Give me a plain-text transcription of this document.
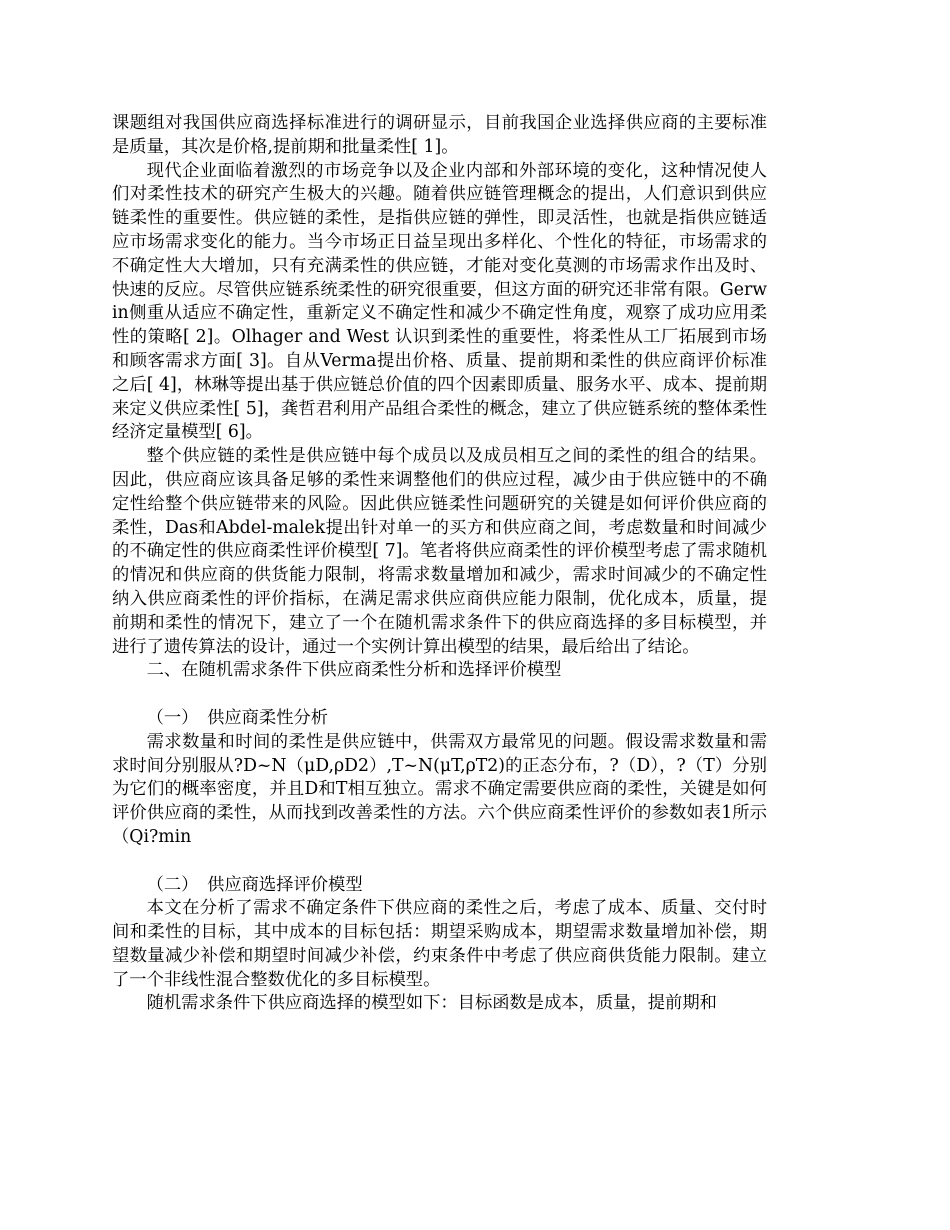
课题组对我国供应商选择标准进行的调研显示，目前我国企业选择供应商的主要标准是质量，其次是价格,提前期和批量柔性[ 1]。

现代企业面临着激烈的市场竞争以及企业内部和外部环境的变化，这种情况使人们对柔性技术的研究产生极大的兴趣。随着供应链管理概念的提出，人们意识到供应链柔性的重要性。供应链的柔性，是指供应链的弹性，即灵活性，也就是指供应链适应市场需求变化的能力。当今市场正日益呈现出多样化、个性化的特征，市场需求的不确定性大大增加，只有充满柔性的供应链，才能对变化莫测的市场需求作出及时、快速的反应。尽管供应链系统柔性的研究很重要，但这方面的研究还非常有限。Gerwin侧重从适应不确定性，重新定义不确定性和减少不确定性角度，观察了成功应用柔性的策略[ 2]。Olhager and West 认识到柔性的重要性，将柔性从工厂拓展到市场和顾客需求方面[ 3]。自从Verma提出价格、质量、提前期和柔性的供应商评价标准之后[ 4]，林琳等提出基于供应链总价值的四个因素即质量、服务水平、成本、提前期来定义供应柔性[ 5]，龚哲君利用产品组合柔性的概念，建立了供应链系统的整体柔性经济定量模型[ 6]。

整个供应链的柔性是供应链中每个成员以及成员相互之间的柔性的组合的结果。因此，供应商应该具备足够的柔性来调整他们的供应过程，减少由于供应链中的不确定性给整个供应链带来的风险。因此供应链柔性问题研究的关键是如何评价供应商的柔性，Das和Abdel-malek提出针对单一的买方和供应商之间，考虑数量和时间减少的不确定性的供应商柔性评价模型[ 7]。笔者将供应商柔性的评价模型考虑了需求随机的情况和供应商的供货能力限制，将需求数量增加和减少，需求时间减少的不确定性纳入供应商柔性的评价指标，在满足需求供应商供应能力限制，优化成本，质量，提前期和柔性的情况下，建立了一个在随机需求条件下的供应商选择的多目标模型，并进行了遗传算法的设计，通过一个实例计算出模型的结果，最后给出了结论。

二、在随机需求条件下供应商柔性分析和选择评价模型

（一）　供应商柔性分析

需求数量和时间的柔性是供应链中，供需双方最常见的问题。假设需求数量和需求时间分别服从?D~N（μD,ρD2）,T~N(μT,ρT2)的正态分布，?（D），?（T）分别为它们的概率密度，并且D和T相互独立。需求不确定需要供应商的柔性，关键是如何评价供应商的柔性，从而找到改善柔性的方法。六个供应商柔性评价的参数如表1所示（Qi?min

（二）　供应商选择评价模型

本文在分析了需求不确定条件下供应商的柔性之后，考虑了成本、质量、交付时间和柔性的目标，其中成本的目标包括：期望采购成本，期望需求数量增加补偿，期望数量减少补偿和期望时间减少补偿，约束条件中考虑了供应商供货能力限制。建立了一个非线性混合整数优化的多目标模型。

随机需求条件下供应商选择的模型如下：目标函数是成本，质量，提前期和
